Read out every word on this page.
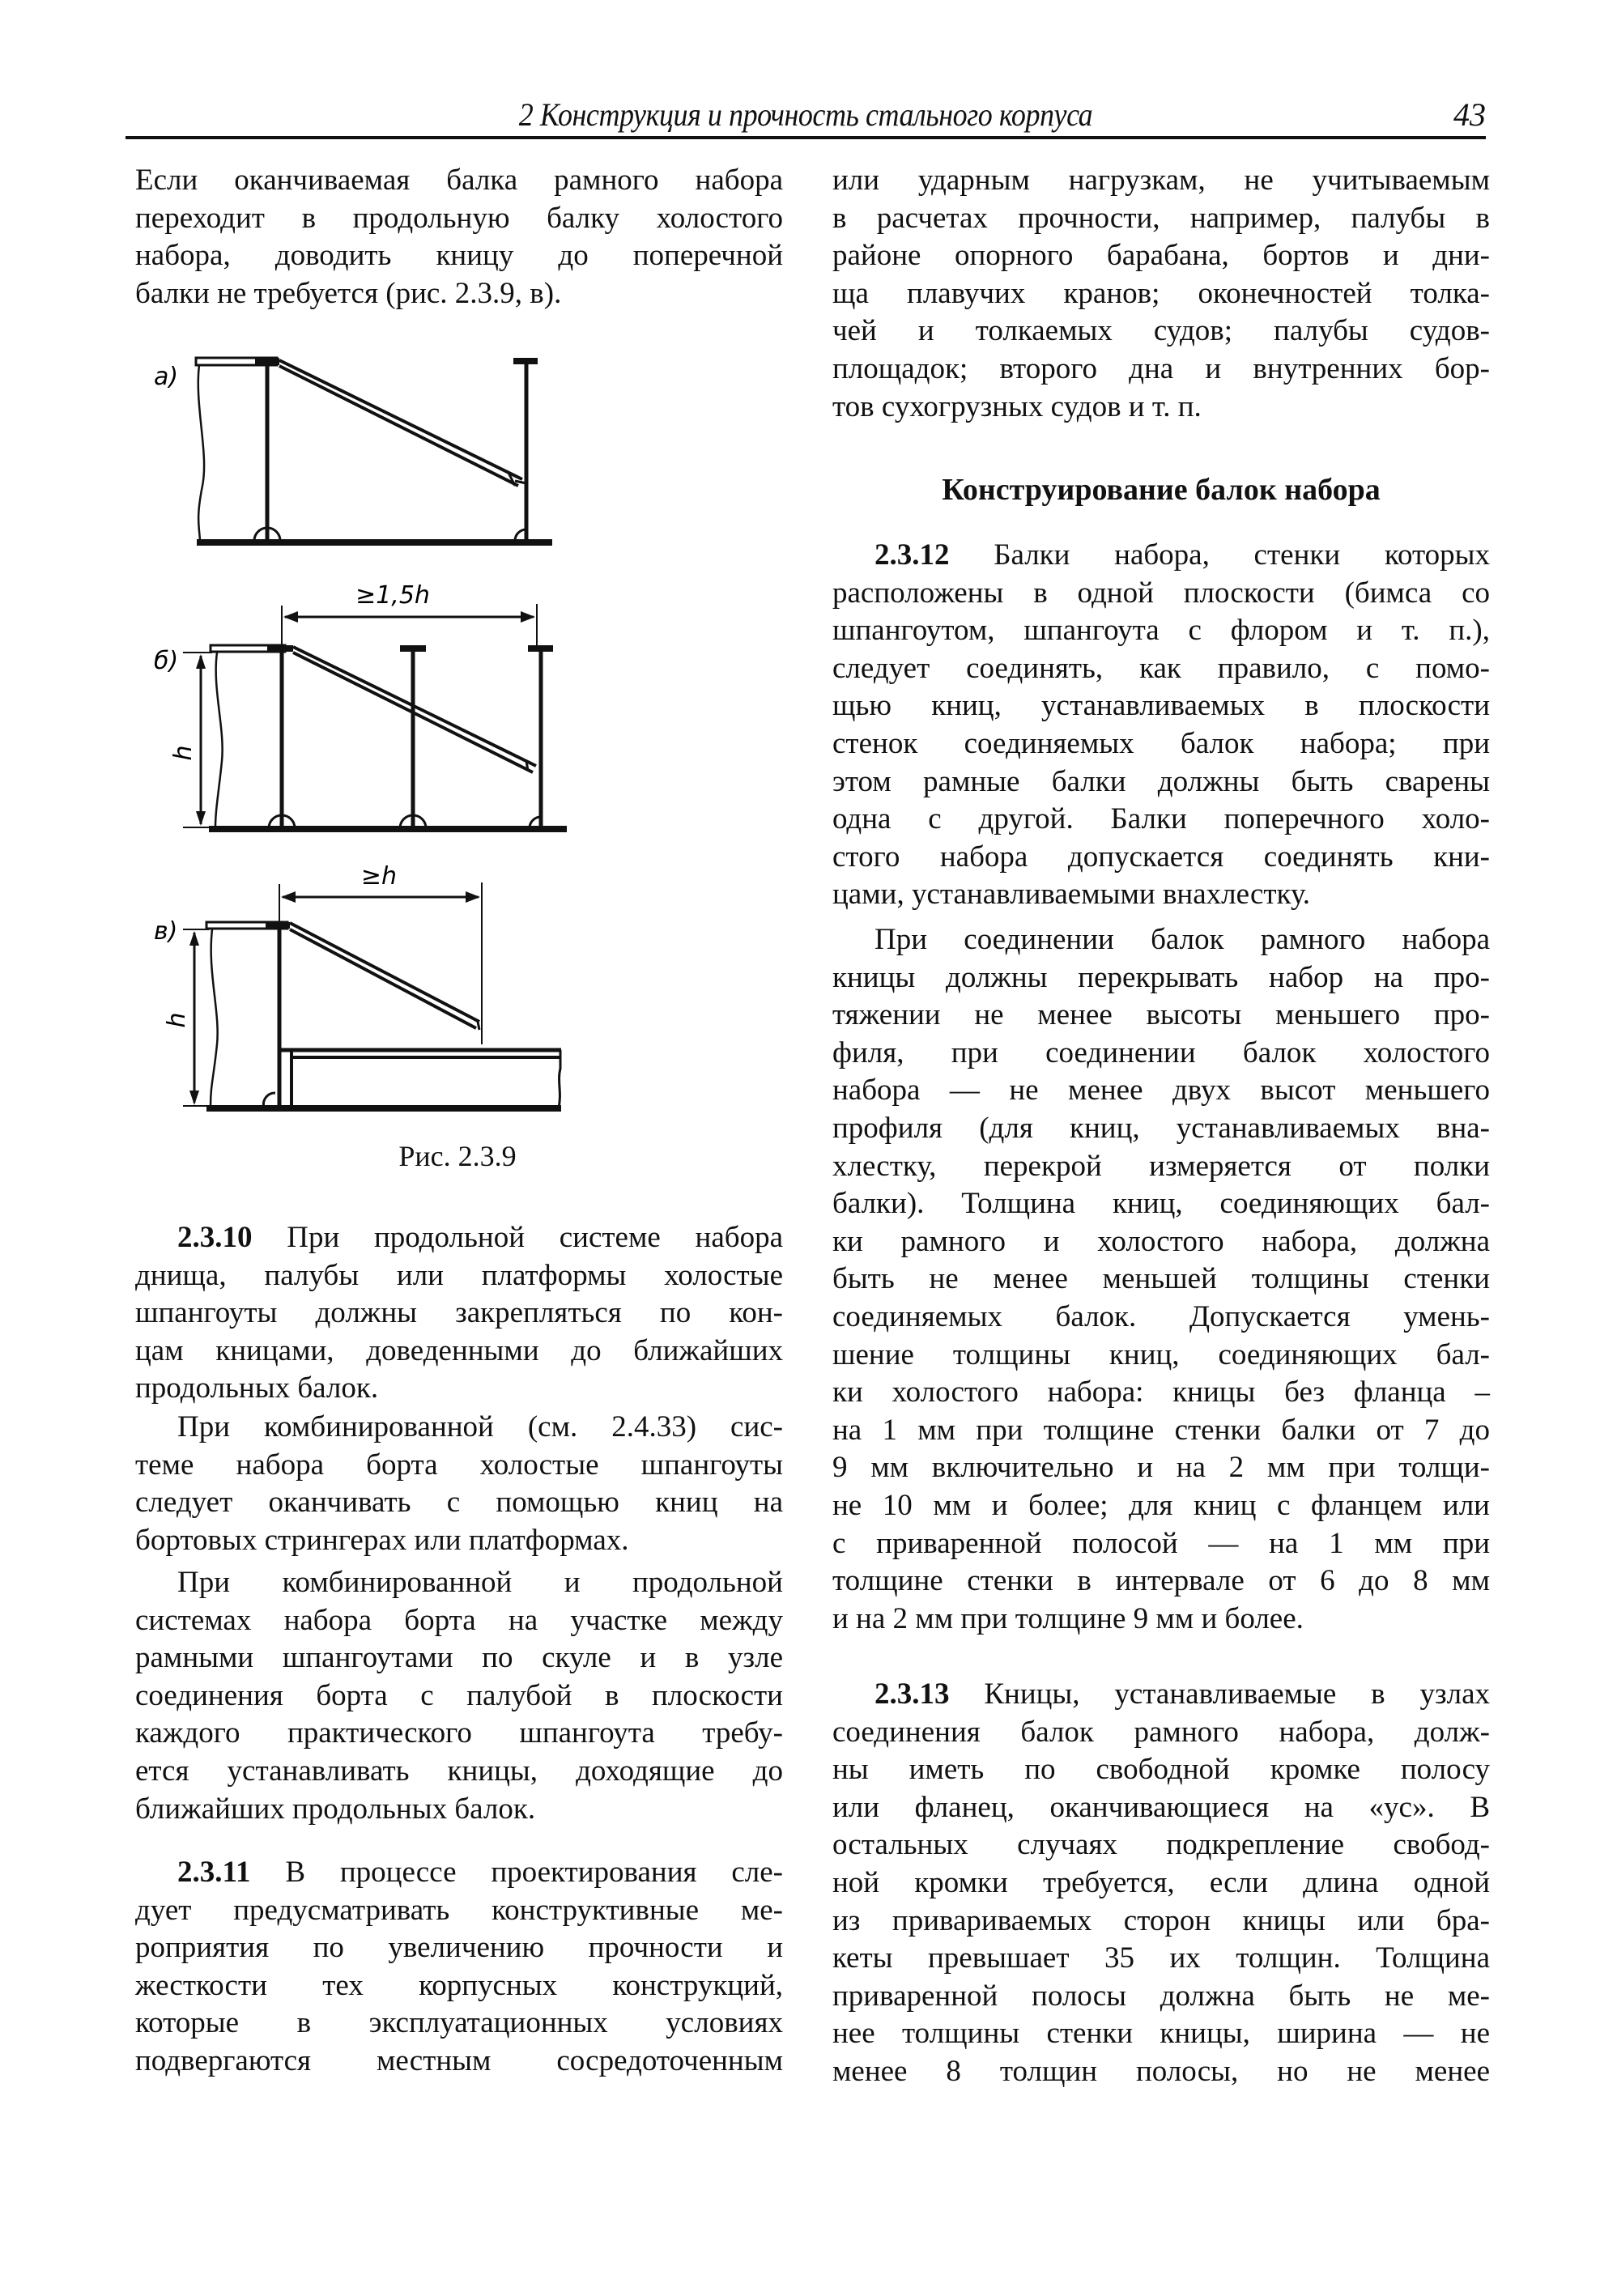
2 Конструкция и прочность стального корпуса	43
Если оканчиваемая балка рамного набора
переходит в продольную балку холостого
набора, доводить кницу до поперечной
балки не требуется (рис. 2.3.9, в).
а)
б)
в)
≥1,5h
≥h
h
h
Рис. 2.3.9
2.3.10 При продольной системе набора
днища, палубы или платформы холостые
шпангоуты должны закрепляться по кон-
цам кницами, доведенными до ближайших
продольных балок.
При комбинированной (см. 2.4.33) сис-
теме набора борта холостые шпангоуты
следует оканчивать с помощью книц на
бортовых стрингерах или платформах.
При комбинированной и продольной
системах набора борта на участке между
рамными шпангоутами по скуле и в узле
соединения борта с палубой в плоскости
каждого практического шпангоута требу-
ется устанавливать кницы, доходящие до
ближайших продольных балок.
2.3.11 В процессе проектирования сле-
дует предусматривать конструктивные ме-
роприятия по увеличению прочности и
жесткости тех корпусных конструкций,
которые в эксплуатационных условиях
подвергаются местным сосредоточенным
или ударным нагрузкам, не учитываемым
в расчетах прочности, например, палубы в
районе опорного барабана, бортов и дни-
ща плавучих кранов; оконечностей толка-
чей и толкаемых судов; палубы судов-
площадок; второго дна и внутренних бор-
тов сухогрузных судов и т. п.
Конструирование балок набора
2.3.12 Балки набора, стенки которых
расположены в одной плоскости (бимса со
шпангоутом, шпангоута с флором и т. п.),
следует соединять, как правило, с помо-
щью книц, устанавливаемых в плоскости
стенок соединяемых балок набора; при
этом рамные балки должны быть сварены
одна с другой. Балки поперечного холо-
стого набора допускается соединять кни-
цами, устанавливаемыми внахлестку.
При соединении балок рамного набора
кницы должны перекрывать набор на про-
тяжении не менее высоты меньшего про-
филя, при соединении балок холостого
набора — не менее двух высот меньшего
профиля (для книц, устанавливаемых вна-
хлестку, перекрой измеряется от полки
балки). Толщина книц, соединяющих бал-
ки рамного и холостого набора, должна
быть не менее меньшей толщины стенки
соединяемых балок. Допускается умень-
шение толщины книц, соединяющих бал-
ки холостого набора: кницы без фланца –
на 1 мм при толщине стенки балки от 7 до
9 мм включительно и на 2 мм при толщи-
не 10 мм и более; для книц с фланцем или
с приваренной полосой — на 1 мм при
толщине стенки в интервале от 6 до 8 мм
и на 2 мм при толщине 9 мм и более.
2.3.13 Кницы, устанавливаемые в узлах
соединения балок рамного набора, долж-
ны иметь по свободной кромке полосу
или фланец, оканчивающиеся на «ус». В
остальных случаях подкрепление свобод-
ной кромки требуется, если длина одной
из привариваемых сторон кницы или бра-
кеты превышает 35 их толщин. Толщина
приваренной полосы должна быть не ме-
нее толщины стенки кницы, ширина — не
менее 8 толщин полосы, но не менее
